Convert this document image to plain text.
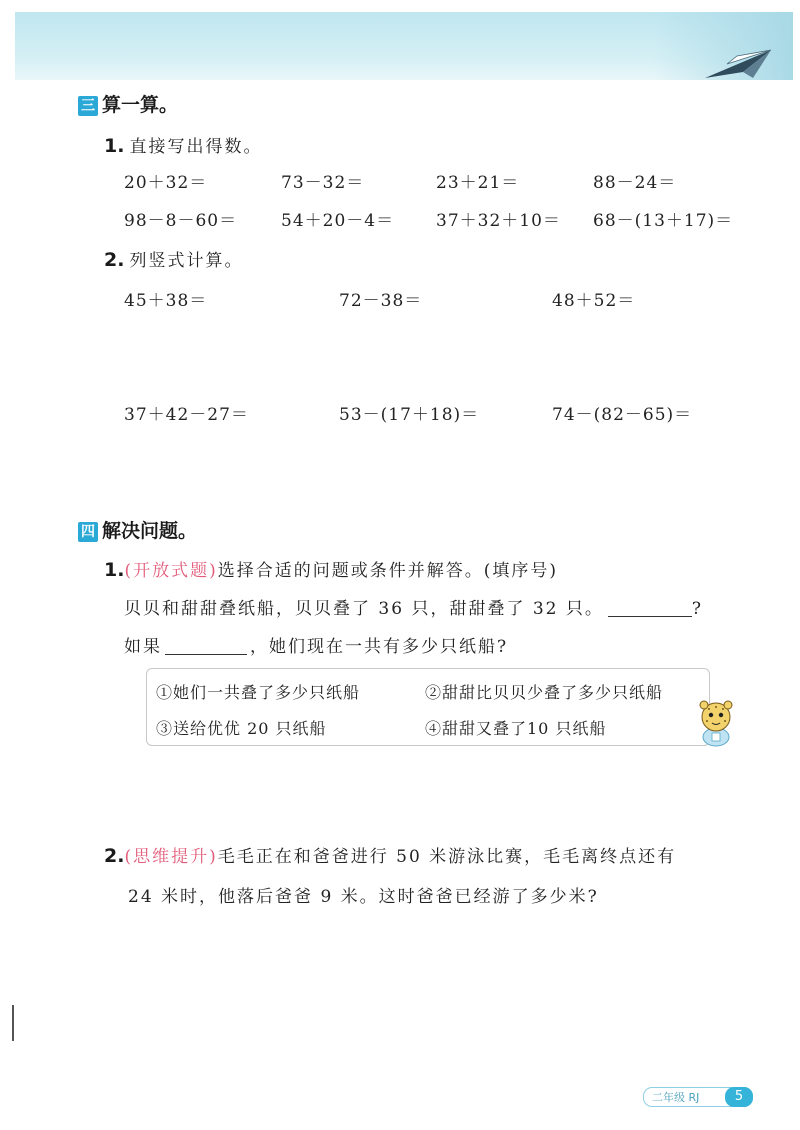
三 算一算。
1. 直接写出得数。
20＋32＝	73－32＝	23＋21＝	88－24＝
98－8－60＝	54＋20－4＝ 37＋32＋10＝ 68－(13＋17)＝
2. 列竖式计算。
45＋38＝	72－38＝	48＋52＝
37＋42－27＝	53－(17＋18)＝	74－(82－65)＝
四 解决问题。
1.(开放式题)选择合适的问题或条件并解答。(填序号)
贝贝和甜甜叠纸船，贝贝叠了 36 只，甜甜叠了 32 只。	?
如果	，她们现在一共有多少只纸船?
①她们一共叠了多少只纸船	②甜甜比贝贝少叠了多少只纸船
③送给优优 20 只纸船	④甜甜又叠了10 只纸船
2.(思维提升)毛毛正在和爸爸进行 50 米游泳比赛，毛毛离终点还有
24 米时，他落后爸爸 9 米。这时爸爸已经游了多少米?
二年级 RJ	5
